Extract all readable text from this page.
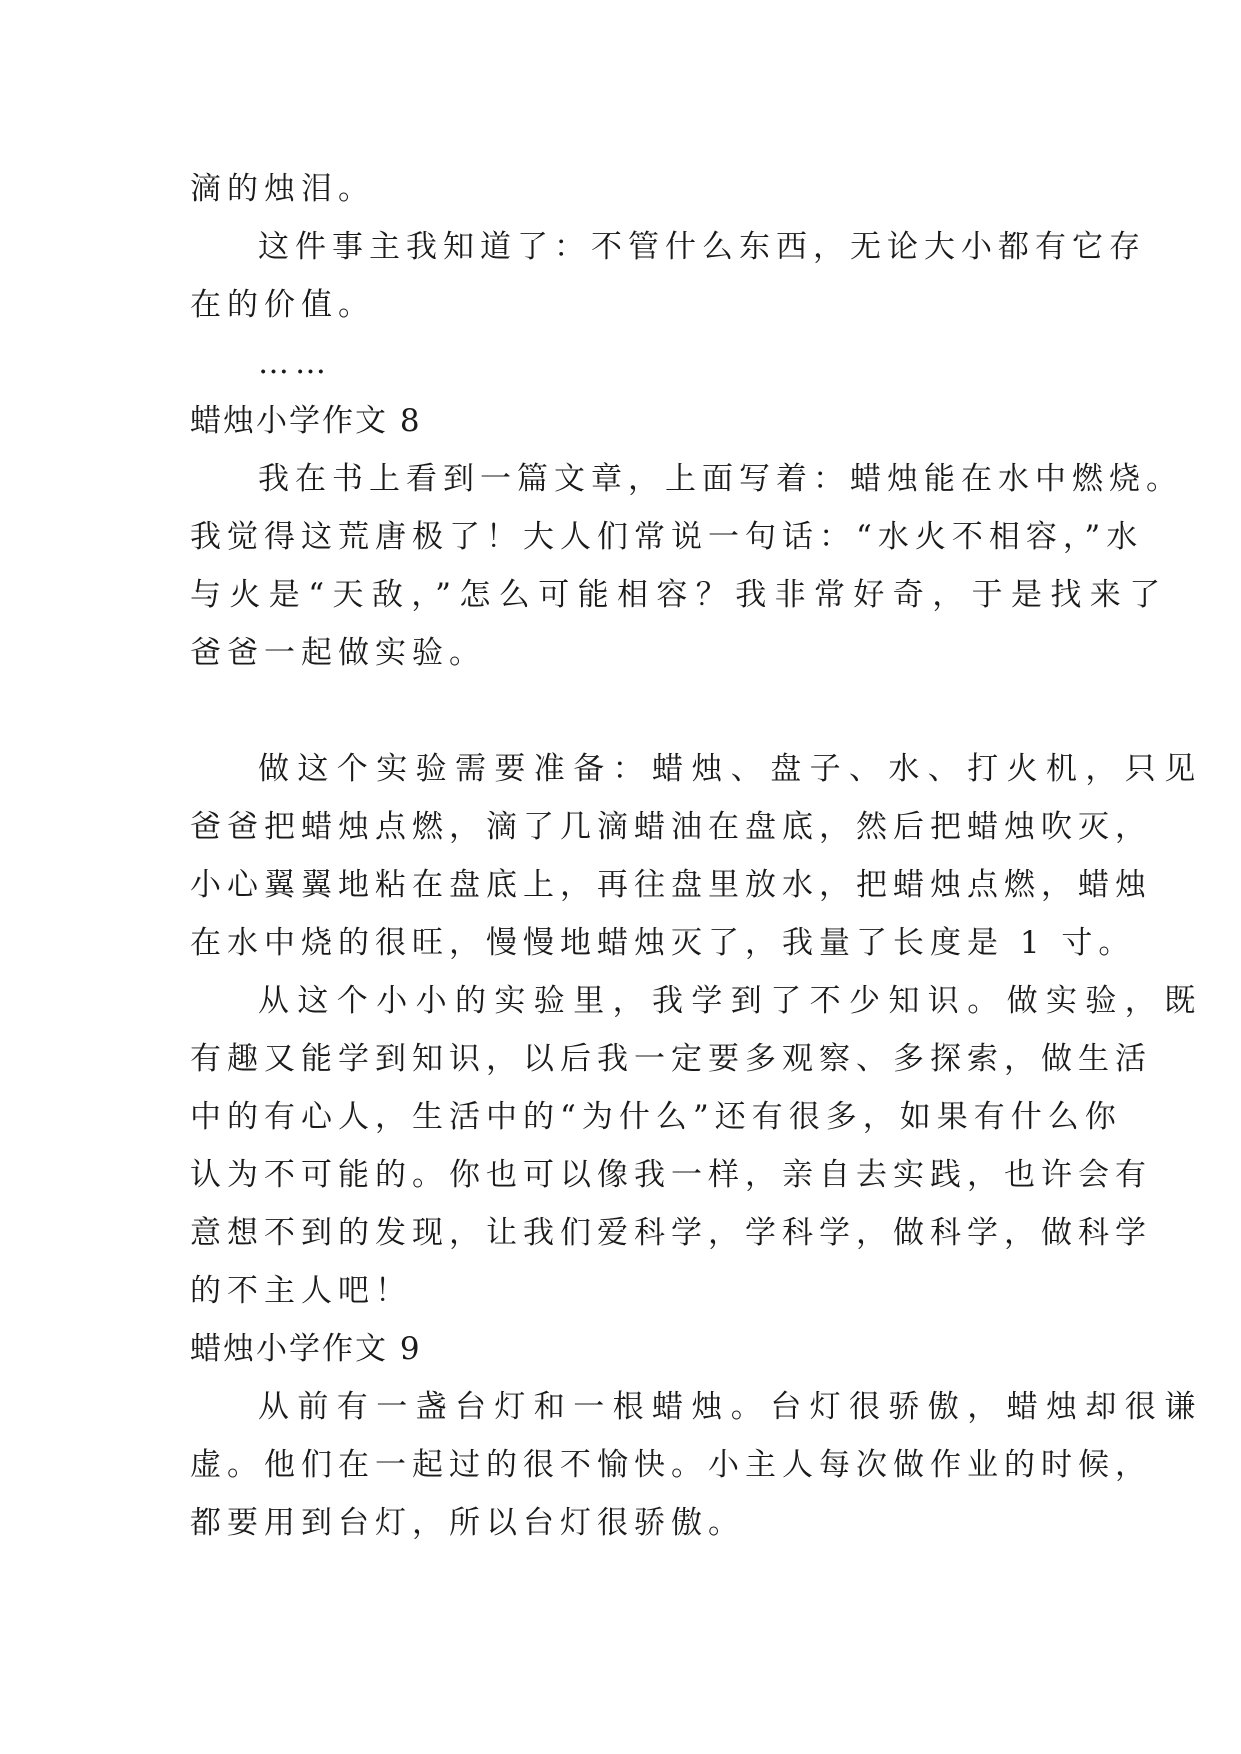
滴的烛泪。
这件事主我知道了：不管什么东西，无论大小都有它存
在的价值。
……
蜡烛小学作文 8
我在书上看到一篇文章，上面写着：蜡烛能在水中燃烧。
我觉得这荒唐极了！大人们常说一句话：“水火不相容，”水
与火是“天敌，”怎么可能相容？我非常好奇，于是找来了
爸爸一起做实验。
做这个实验需要准备：蜡烛、盘子、水、打火机，只见
爸爸把蜡烛点燃，滴了几滴蜡油在盘底，然后把蜡烛吹灭，
小心翼翼地粘在盘底上，再往盘里放水，把蜡烛点燃，蜡烛
在水中烧的很旺，慢慢地蜡烛灭了，我量了长度是 1 寸。
从这个小小的实验里，我学到了不少知识。做实验，既
有趣又能学到知识，以后我一定要多观察、多探索，做生活
中的有心人，生活中的“为什么”还有很多，如果有什么你
认为不可能的。你也可以像我一样，亲自去实践，也许会有
意想不到的发现，让我们爱科学，学科学，做科学，做科学
的不主人吧！
蜡烛小学作文 9
从前有一盏台灯和一根蜡烛。台灯很骄傲，蜡烛却很谦
虚。他们在一起过的很不愉快。小主人每次做作业的时候，
都要用到台灯，所以台灯很骄傲。
